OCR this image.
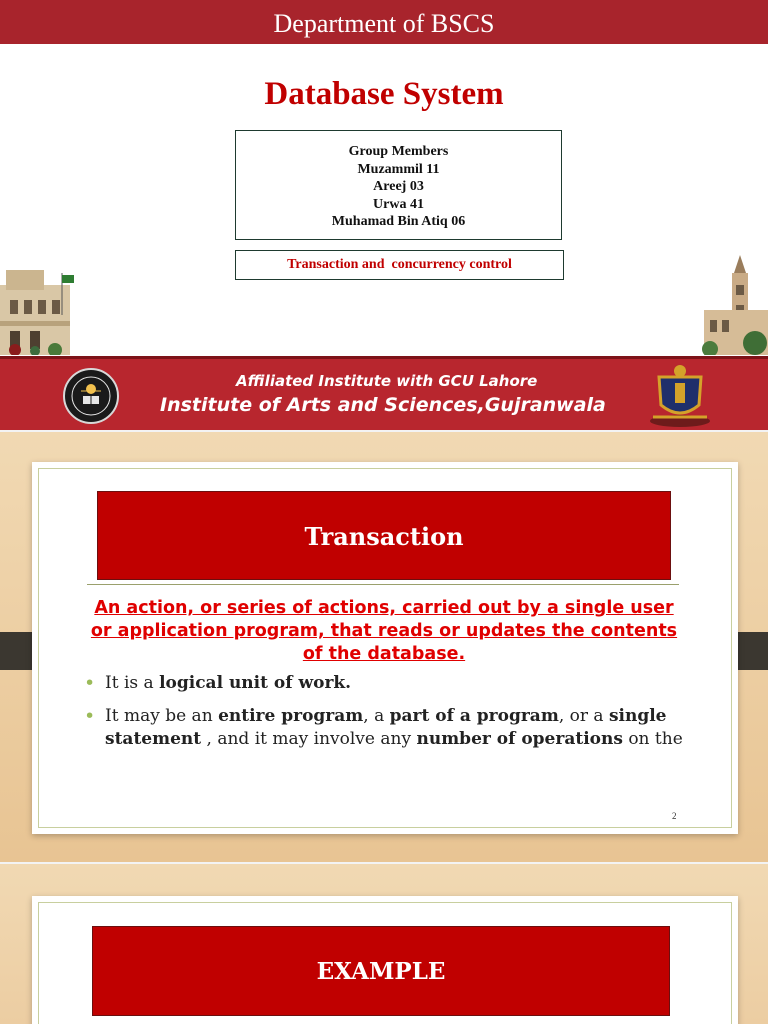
Department of BSCS
Database System
Group Members
Muzammil 11
Areej 03
Urwa 41
Muhamad Bin Atiq 06
Transaction and  concurrency control
Affiliated Institute with GCU Lahore
Institute of Arts and Sciences,Gujranwala
Transaction
An action, or series of actions, carried out by a single user or application program, that reads or updates the contents of the database.
• It is a logical unit of work.
• It may be an entire program, a part of a program, or a single statement , and it may involve any number of operations on the
2
EXAMPLE
